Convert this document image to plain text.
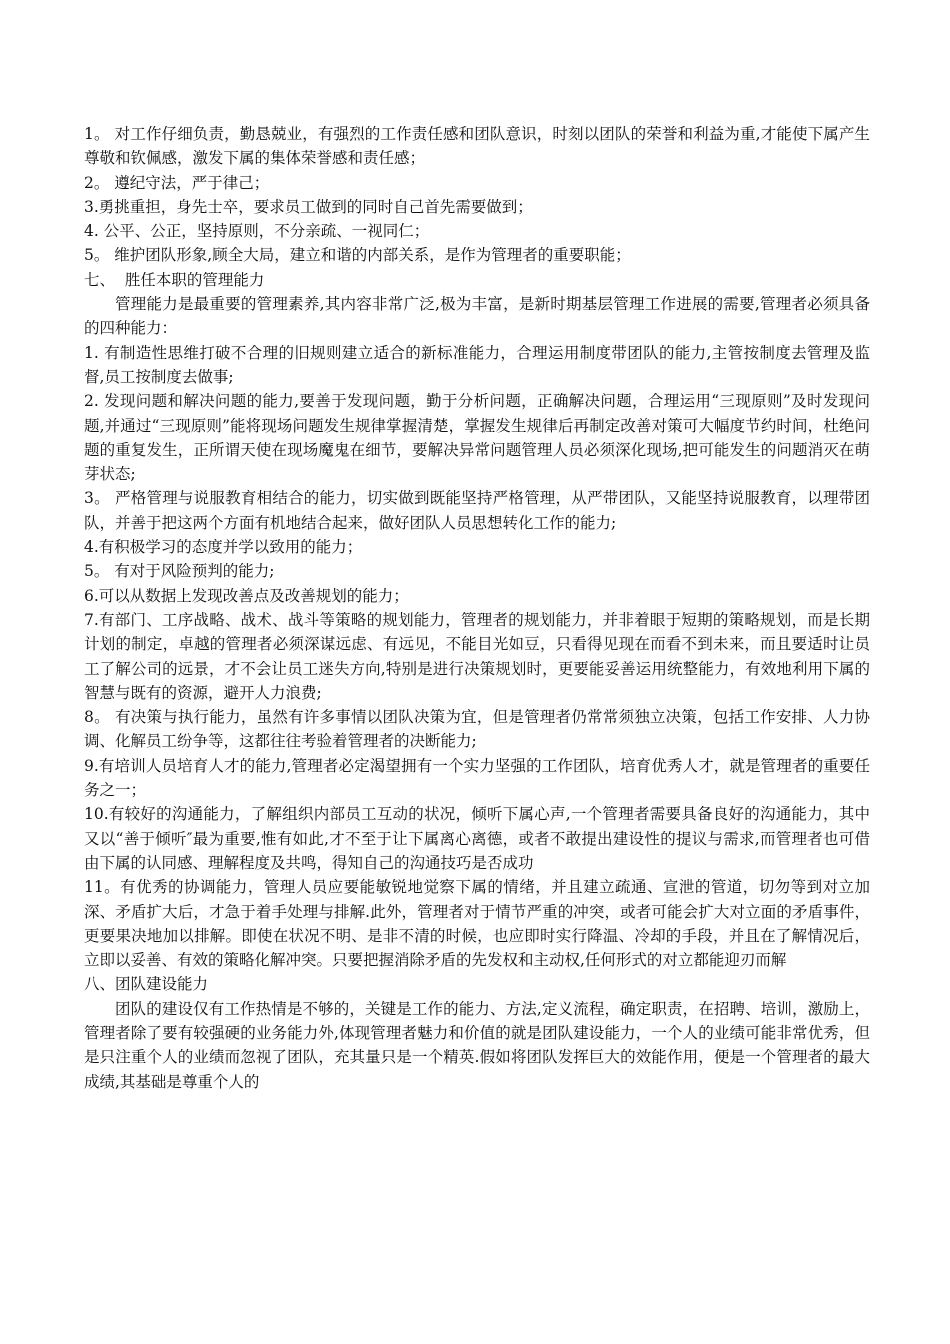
1。 对工作仔细负责，勤恳兢业，有强烈的工作责任感和团队意识，时刻以团队的荣誉和利益为重,才能使下属产生尊敬和钦佩感，激发下属的集体荣誉感和责任感；

2。 遵纪守法，严于律己；

3.勇挑重担，身先士卒，要求员工做到的同时自己首先需要做到；

4. 公平、公正，坚持原则，不分亲疏、一视同仁；

5。 维护团队形象,顾全大局，建立和谐的内部关系，是作为管理者的重要职能；

七、  胜任本职的管理能力

管理能力是最重要的管理素养,其内容非常广泛,极为丰富，是新时期基层管理工作进展的需要,管理者必须具备的四种能力：

1. 有制造性思维打破不合理的旧规则建立适合的新标准能力，合理运用制度带团队的能力,主管按制度去管理及监督,员工按制度去做事;

2. 发现问题和解决问题的能力,要善于发现问题，勤于分析问题，正确解决问题，合理运用“三现原则”及时发现问题,并通过“三现原则”能将现场问题发生规律掌握清楚，掌握发生规律后再制定改善对策可大幅度节约时间，杜绝问题的重复发生，正所谓天使在现场魔鬼在细节，要解决异常问题管理人员必须深化现场,把可能发生的问题消灭在萌芽状态;

3。 严格管理与说服教育相结合的能力，切实做到既能坚持严格管理，从严带团队，又能坚持说服教育，以理带团队，并善于把这两个方面有机地结合起来，做好团队人员思想转化工作的能力;

4.有积极学习的态度并学以致用的能力；

5。 有对于风险预判的能力;

6.可以从数据上发现改善点及改善规划的能力；

7.有部门、工序战略、战术、战斗等策略的规划能力，管理者的规划能力，并非着眼于短期的策略规划，而是长期计划的制定，卓越的管理者必须深谋远虑、有远见，不能目光如豆，只看得见现在而看不到未来，而且要适时让员工了解公司的远景，才不会让员工迷失方向,特别是进行决策规划时，更要能妥善运用统整能力，有效地利用下属的智慧与既有的资源，避开人力浪费;

8。 有决策与执行能力，虽然有许多事情以团队决策为宜，但是管理者仍常常须独立决策，包括工作安排、人力协调、化解员工纷争等，这都往往考验着管理者的决断能力;

9.有培训人员培育人才的能力,管理者必定渴望拥有一个实力坚强的工作团队，培育优秀人才，就是管理者的重要任务之一；

10.有较好的沟通能力，了解组织内部员工互动的状况，倾听下属心声,一个管理者需要具备良好的沟通能力，其中又以“善于倾听″最为重要,惟有如此,才不至于让下属离心离德，或者不敢提出建设性的提议与需求,而管理者也可借由下属的认同感、理解程度及共鸣，得知自己的沟通技巧是否成功

11。有优秀的协调能力，管理人员应要能敏锐地觉察下属的情绪，并且建立疏通、宣泄的管道，切勿等到对立加深、矛盾扩大后，才急于着手处理与排解.此外，管理者对于情节严重的冲突，或者可能会扩大对立面的矛盾事件，更要果决地加以排解。即使在状况不明、是非不清的时候，也应即时实行降温、冷却的手段，并且在了解情况后，立即以妥善、有效的策略化解冲突。只要把握消除矛盾的先发权和主动权,任何形式的对立都能迎刃而解

八、团队建设能力

团队的建设仅有工作热情是不够的，关键是工作的能力、方法,定义流程，确定职责，在招聘、培训，激励上，管理者除了要有较强硬的业务能力外,体现管理者魅力和价值的就是团队建设能力，一个人的业绩可能非常优秀，但是只注重个人的业绩而忽视了团队，充其量只是一个精英.假如将团队发挥巨大的效能作用，便是一个管理者的最大成绩,其基础是尊重个人的
